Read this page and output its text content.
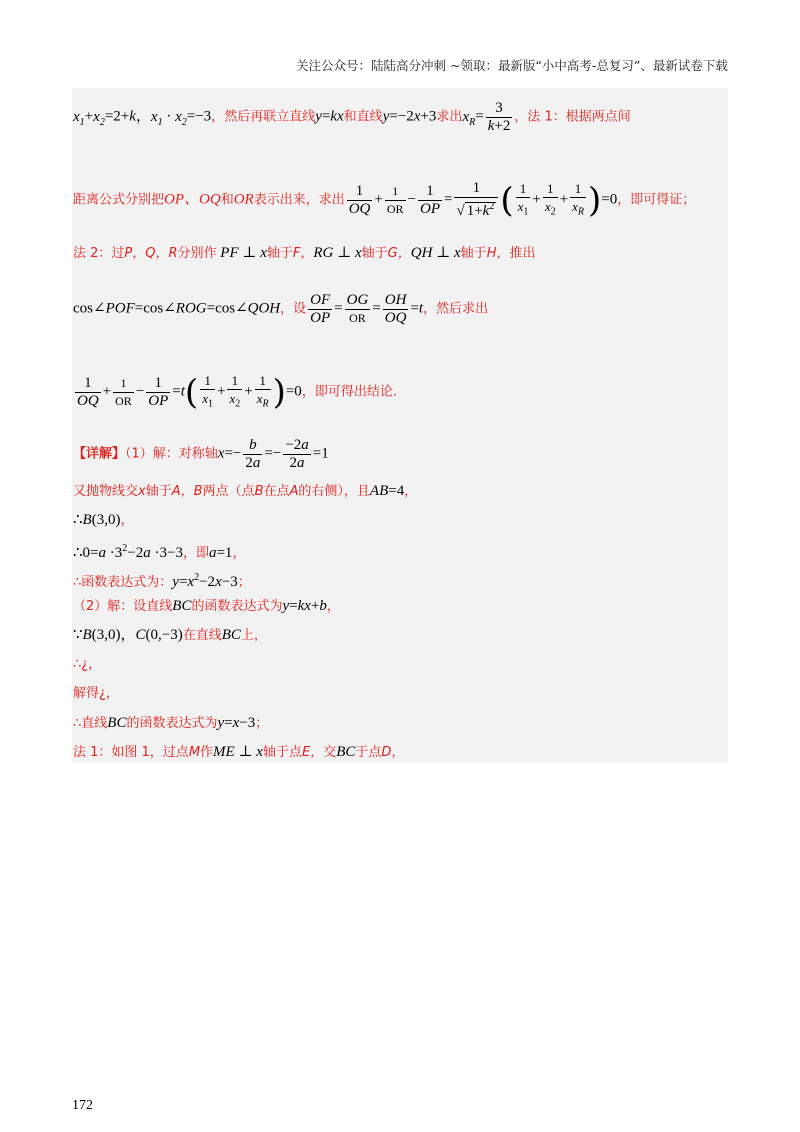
关注公众号：陆陆高分冲刺 ~领取：最新版“小中高考-总复习”、最新试卷下载
$x_1+x_2=2+k$，$x_1 \cdot x_2=-3$，然后再联立直线y=kx和直线y=−2x+3求出$x_R= \frac{3}{k+2}$ ，法 1：根据两点间
距离公式分别把OP、OQ和OR表示出来，求出 $\frac{1}{OQ} + \frac{1}{OR} - \frac{1}{OP} = \frac{1}{√ 1+k^2}$ ( $\frac{1}{x_1} + \frac{1}{x_2} + \frac{1}{x_R} )=0$，即可得证；
法 2：过P，Q，R分别作 PF ⊥ x轴于F，RG ⊥ x轴于G，QH ⊥ x轴于H，推出
cos∠POF=cos∠ROG=cos∠QOH，设 $\frac{OF}{OP} = \frac{OG}{OR} = \frac{OH}{OQ} =t$，然后求出
$\frac{1}{OQ} + \frac{1}{OR} - \frac{1}{OP} =t( \frac{1}{x_1} + \frac{1}{x_2} + \frac{1}{x_R} )=0$，即可得出结论.
【详解】（1）解：对称轴$x=- \frac{b}{2a} =- \frac{-2a}{2a} =1$
又抛物线交x轴于A，B两点（点B在点A的右侧），且AB=4，
∴B(3,0)，
∴0=a $\cdot 3^2-2a \cdot 3-3$，即a=1，
∴函数表达式为：$y=x^2-2x-3$；
（2）解：设直线BC的函数表达式为y=kx+b，
∵B(3,0)，C(0,−3)在直线BC上，
∴¿，
解得¿，
∴直线BC的函数表达式为y=x−3；
法 1：如图 1，过点M作ME ⊥ x轴于点E，交BC于点D，
172
